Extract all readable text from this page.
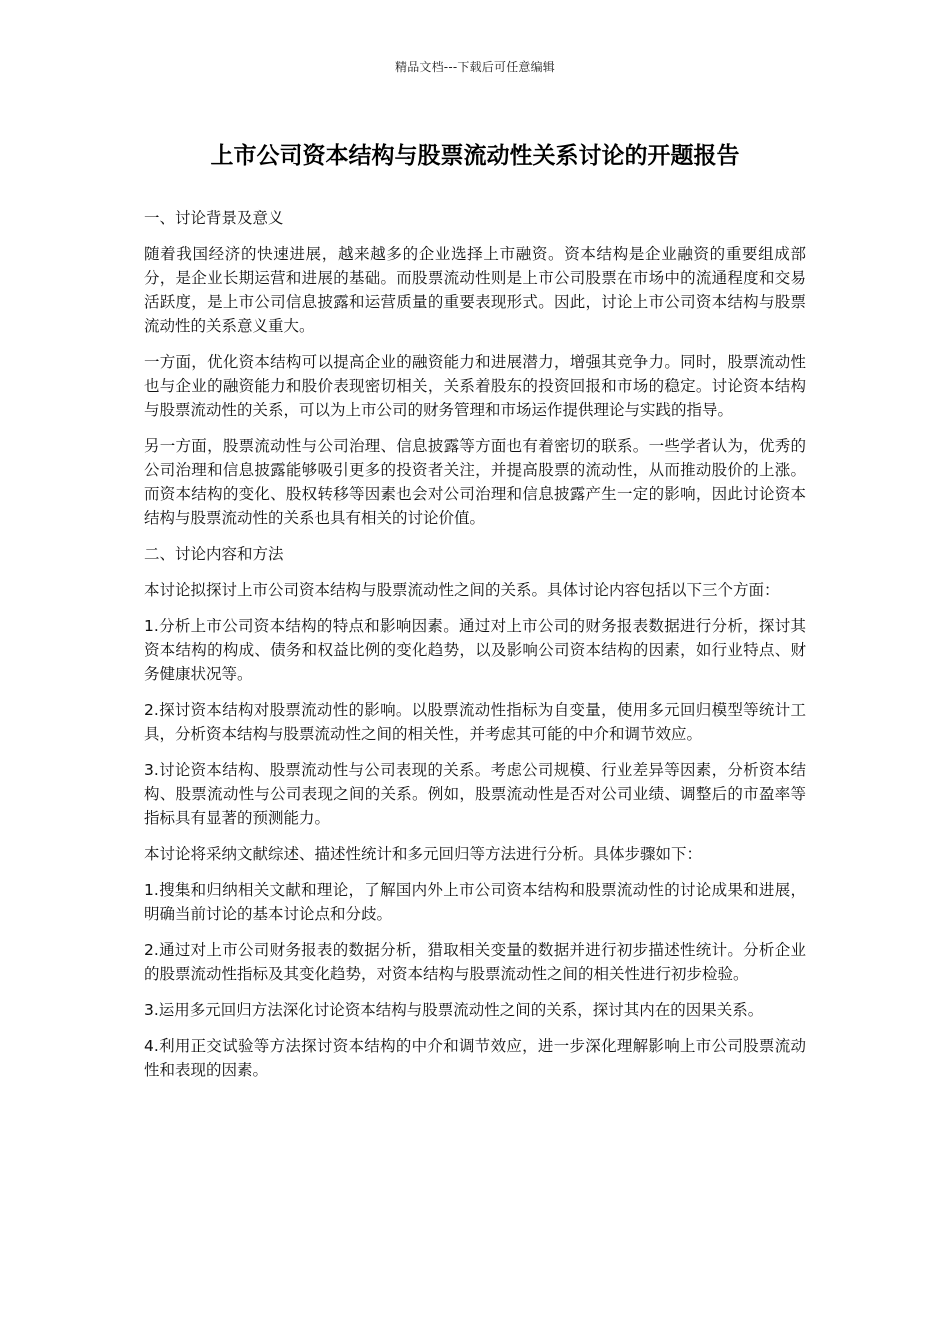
精品文档---下载后可任意编辑
上市公司资本结构与股票流动性关系讨论的开题报告
一、讨论背景及意义

随着我国经济的快速进展，越来越多的企业选择上市融资。资本结构是企业融资的重要组成部分，是企业长期运营和进展的基础。而股票流动性则是上市公司股票在市场中的流通程度和交易活跃度，是上市公司信息披露和运营质量的重要表现形式。因此，讨论上市公司资本结构与股票流动性的关系意义重大。

一方面，优化资本结构可以提高企业的融资能力和进展潜力，增强其竞争力。同时，股票流动性也与企业的融资能力和股价表现密切相关，关系着股东的投资回报和市场的稳定。讨论资本结构与股票流动性的关系，可以为上市公司的财务管理和市场运作提供理论与实践的指导。

另一方面，股票流动性与公司治理、信息披露等方面也有着密切的联系。一些学者认为，优秀的公司治理和信息披露能够吸引更多的投资者关注，并提高股票的流动性，从而推动股价的上涨。而资本结构的变化、股权转移等因素也会对公司治理和信息披露产生一定的影响，因此讨论资本结构与股票流动性的关系也具有相关的讨论价值。

二、讨论内容和方法

本讨论拟探讨上市公司资本结构与股票流动性之间的关系。具体讨论内容包括以下三个方面：

1.分析上市公司资本结构的特点和影响因素。通过对上市公司的财务报表数据进行分析，探讨其资本结构的构成、债务和权益比例的变化趋势，以及影响公司资本结构的因素，如行业特点、财务健康状况等。

2.探讨资本结构对股票流动性的影响。以股票流动性指标为自变量，使用多元回归模型等统计工具，分析资本结构与股票流动性之间的相关性，并考虑其可能的中介和调节效应。

3.讨论资本结构、股票流动性与公司表现的关系。考虑公司规模、行业差异等因素，分析资本结构、股票流动性与公司表现之间的关系。例如，股票流动性是否对公司业绩、调整后的市盈率等指标具有显著的预测能力。

本讨论将采纳文献综述、描述性统计和多元回归等方法进行分析。具体步骤如下：

1.搜集和归纳相关文献和理论，了解国内外上市公司资本结构和股票流动性的讨论成果和进展，明确当前讨论的基本讨论点和分歧。

2.通过对上市公司财务报表的数据分析，猎取相关变量的数据并进行初步描述性统计。分析企业的股票流动性指标及其变化趋势，对资本结构与股票流动性之间的相关性进行初步检验。

3.运用多元回归方法深化讨论资本结构与股票流动性之间的关系，探讨其内在的因果关系。

4.利用正交试验等方法探讨资本结构的中介和调节效应，进一步深化理解影响上市公司股票流动性和表现的因素。
